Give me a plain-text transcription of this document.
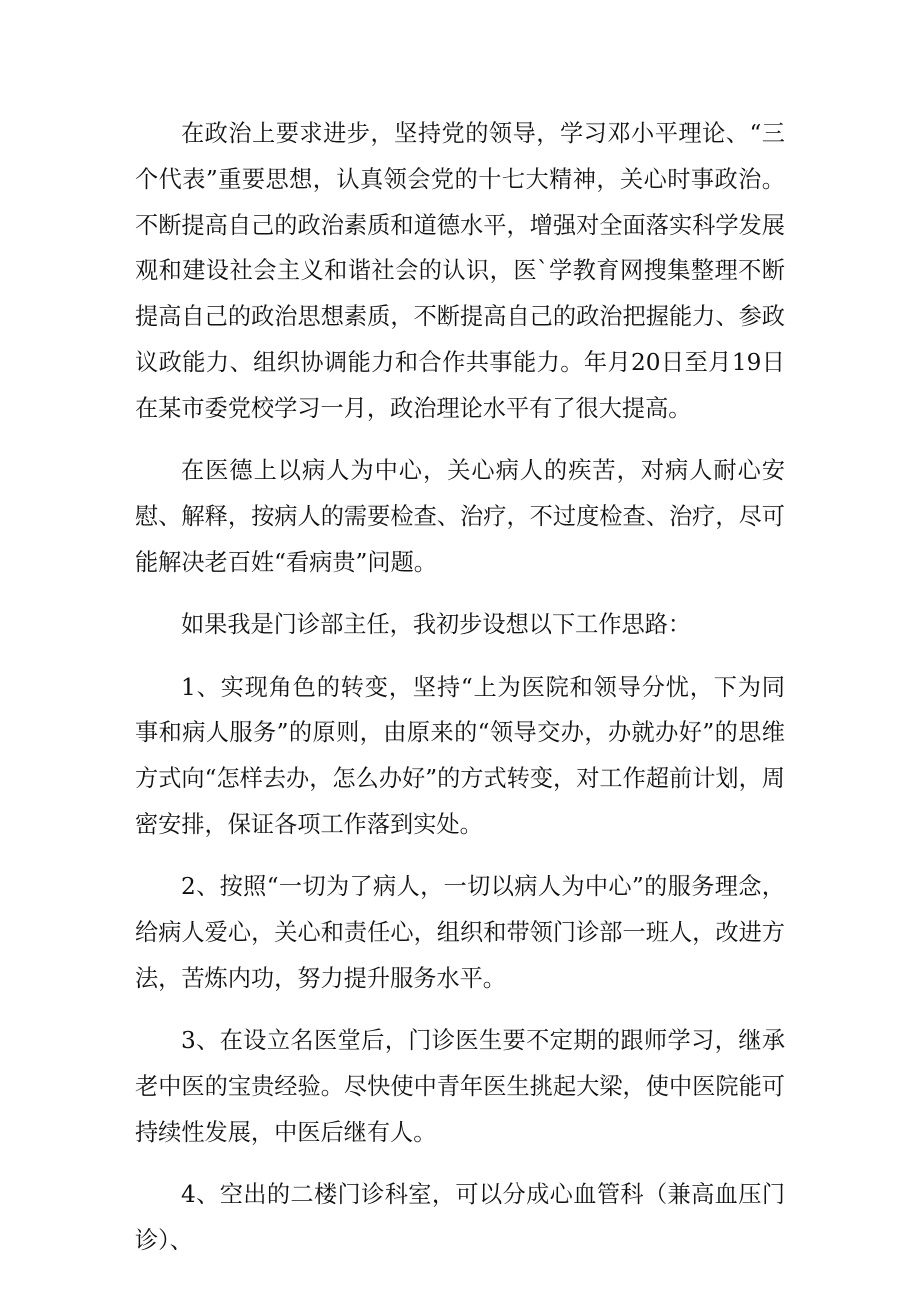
在政治上要求进步，坚持党的领导，学习邓小平理论、“三个代表”重要思想，认真领会党的十七大精神，关心时事政治。不断提高自己的政治素质和道德水平，增强对全面落实科学发展观和建设社会主义和谐社会的认识，医`学教育网搜集整理不断提高自己的政治思想素质，不断提高自己的政治把握能力、参政议政能力、组织协调能力和合作共事能力。年月20日至月19日在某市委党校学习一月，政治理论水平有了很大提高。

在医德上以病人为中心，关心病人的疾苦，对病人耐心安慰、解释，按病人的需要检查、治疗，不过度检查、治疗，尽可能解决老百姓“看病贵”问题。

如果我是门诊部主任，我初步设想以下工作思路：

1、实现角色的转变，坚持“上为医院和领导分忧，下为同事和病人服务”的原则，由原来的“领导交办，办就办好”的思维方式向“怎样去办，怎么办好”的方式转变，对工作超前计划，周密安排，保证各项工作落到实处。

2、按照“一切为了病人，一切以病人为中心”的服务理念，给病人爱心，关心和责任心，组织和带领门诊部一班人，改进方法，苦炼内功，努力提升服务水平。

3、在设立名医堂后，门诊医生要不定期的跟师学习，继承老中医的宝贵经验。尽快使中青年医生挑起大梁，使中医院能可持续性发展，中医后继有人。

4、空出的二楼门诊科室，可以分成心血管科（兼高血压门诊）、
